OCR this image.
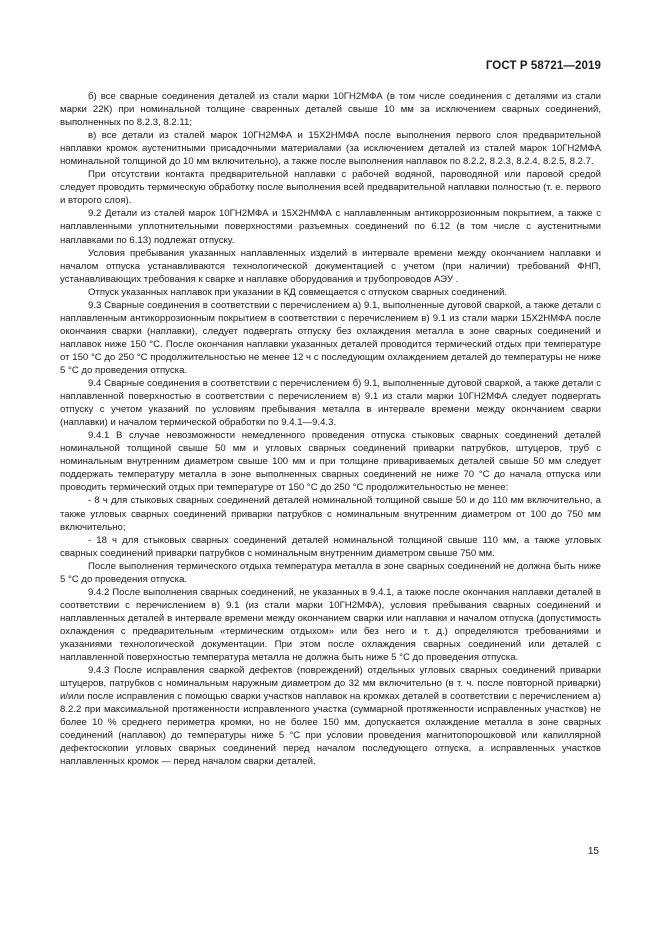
ГОСТ Р 58721—2019

б) все сварные соединения деталей из стали марки 10ГН2МФА (в том числе соединения с деталями из стали марки 22К) при номинальной толщине сваренных деталей свыше 10 мм за исключением сварных соединений, выполненных по 8.2.3, 8.2.11;

в) все детали из сталей марок 10ГН2МФА и 15Х2НМФА после выполнения первого слоя предварительной наплавки кромок аустенитными присадочными материалами (за исключением деталей из сталей марок 10ГН2МФА номинальной толщиной до 10 мм включительно), а также после выполнения наплавок по 8.2.2, 8.2.3, 8.2.4, 8.2.5, 8.2.7.

При отсутствии контакта предварительной наплавки с рабочей водяной, пароводяной или паровой средой следует проводить термическую обработку после выполнения всей предварительной наплавки полностью (т. е. первого и второго слоя).

9.2 Детали из сталей марок 10ГН2МФА и 15Х2НМФА с наплавленным антикоррозионным покрытием, а также с наплавленными уплотнительными поверхностями разъемных соединений по 6.12 (в том числе с аустенитными наплавками по 6.13) подлежат отпуску.

Условия пребывания указанных наплавленных изделий в интервале времени между окончанием наплавки и началом отпуска устанавливаются технологической документацией с учетом (при наличии) требований ФНП, устанавливающих требования к сварке и наплавке оборудования и трубопроводов АЭУ .

Отпуск указанных наплавок при указании в КД совмещается с отпуском сварных соединений.

9.3 Сварные соединения в соответствии с перечислением а) 9.1, выполненные дуговой сваркой, а также детали с наплавленным антикоррозионным покрытием в соответствии с перечислением в) 9.1 из стали марки 15Х2НМФА после окончания сварки (наплавки), следует подвергать отпуску без охлаждения металла в зоне сварных соединений и наплавок ниже 150 °С. После окончания наплавки указанных деталей проводится термический отдых при температуре от 150 °С до 250 °С продолжительностью не менее 12 ч с последующим охлаждением деталей до температуры не ниже 5 °С до проведения отпуска.

9.4 Сварные соединения в соответствии с перечислением б) 9.1, выполненные дуговой сваркой, а также детали с наплавленной поверхностью в соответствии с перечислением в) 9.1 из стали марки 10ГН2МФА следует подвергать отпуску с учетом указаний по условиям пребывания металла в интервале времени между окончанием сварки (наплавки) и началом термической обработки по 9.4.1—9.4.3.

9.4.1 В случае невозможности немедленного проведения отпуска стыковых сварных соединений деталей номинальной толщиной свыше 50 мм и угловых сварных соединений приварки патрубков, штуцеров, труб с номинальным внутренним диаметром свыше 100 мм и при толщине привариваемых деталей свыше 50 мм следует поддержать температуру металла в зоне выполненных сварных соединений не ниже 70 °С до начала отпуска или проводить термический отдых при температуре от 150 °С до 250 °С продолжительностью не менее:

- 8 ч для стыковых сварных соединений деталей номинальной толщиной свыше 50 и до 110 мм включительно, а также угловых сварных соединений приварки патрубков с номинальным внутренним диаметром от 100 до 750 мм включительно;

- 18 ч для стыковых сварных соединений деталей номинальной толщиной свыше 110 мм, а также угловых сварных соединений приварки патрубков с номинальным внутренним диаметром свыше 750 мм.

После выполнения термического отдыха температура металла в зоне сварных соединений не должна быть ниже 5 °С до проведения отпуска.

9.4.2 После выполнения сварных соединений, не указанных в 9.4.1, а также после окончания наплавки деталей в соответствии с перечислением в) 9.1 (из стали марки 10ГН2МФА), условия пребывания сварных соединений и наплавленных деталей в интервале времени между окончанием сварки или наплавки и началом отпуска (допустимость охлаждения с предварительным «термическим отдыхом» или без него и т. д.) определяются требованиями и указаниями технологической документации. При этом после охлаждения сварных соединений или деталей с наплавленной поверхностью температура металла не должна быть ниже 5 °С до проведения отпуска.

9.4.3 После исправления сваркой дефектов (повреждений) отдельных угловых сварных соединений приварки штуцеров, патрубков с номинальным наружным диаметром до 32 мм включительно (в т. ч. после повторной приварки) и/или после исправления с помощью сварки участков наплавок на кромках деталей в соответствии с перечислением а) 8.2.2 при максимальной протяженности исправленного участка (суммарной протяженности исправленных участков) не более 10 % среднего периметра кромки, но не более 150 мм, допускается охлаждение металла в зоне сварных соединений (наплавок) до температуры ниже 5 °С при условии проведения магнитопорошковой или капиллярной дефектоскопии угловых сварных соединений перед началом последующего отпуска, а исправленных участков наплавленных кромок — перед началом сварки деталей.

15
